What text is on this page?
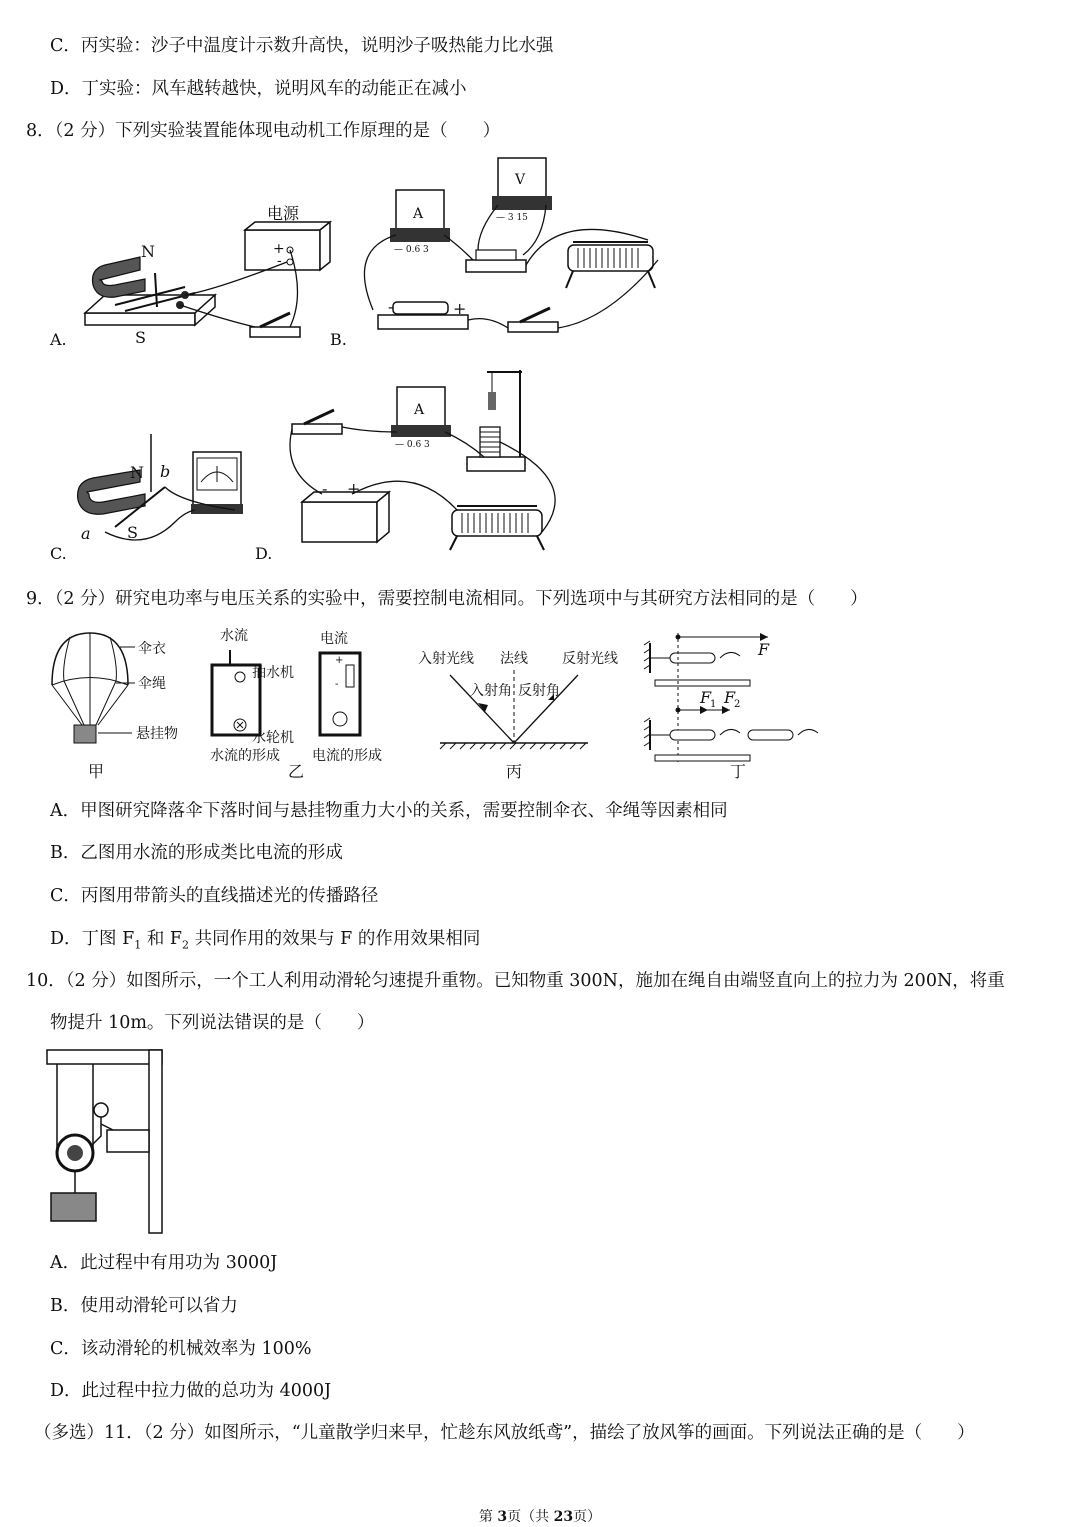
C．丙实验：沙子中温度计示数升高快，说明沙子吸热能力比水强
D．丁实验：风车越转越快，说明风车的动能正在减小
8．（2 分）下列实验装置能体现电动机工作原理的是（　　）
A.
N
S
电源
+
-
B.
A
— 0.6 3
V
— 3 15
-	+
C.
N
S
b
a
D.
A
— 0.6 3
- +
9．（2 分）研究电功率与电压关系的实验中，需要控制电流相同。下列选项中与其研究方法相同的是（　　）
伞衣
伞绳
悬挂物
甲
水流
抽水机
水轮机
水流的形成
电流
+
-
电流的形成
乙
入射光线 法线 反射光线
入射角 反射角
丙
F
F
1 F
2
丁
A．甲图研究降落伞下落时间与悬挂物重力大小的关系，需要控制伞衣、伞绳等因素相同
B．乙图用水流的形成类比电流的形成
C．丙图用带箭头的直线描述光的传播路径
D．丁图 $F_1$ 和 $F_2$ 共同作用的效果与 F 的作用效果相同
10．（2 分）如图所示，一个工人利用动滑轮匀速提升重物。已知物重 300N，施加在绳自由端竖直向上的拉力为 200N，将重
物提升 10m。下列说法错误的是（　　）
A．此过程中有用功为 3000J
B．使用动滑轮可以省力
C．该动滑轮的机械效率为 100%
D．此过程中拉力做的总功为 4000J
（多选）11．（2 分）如图所示，“儿童散学归来早，忙趁东风放纸鸢”，描绘了放风筝的画面。下列说法正确的是（　　）
第 3页（共 23页）
